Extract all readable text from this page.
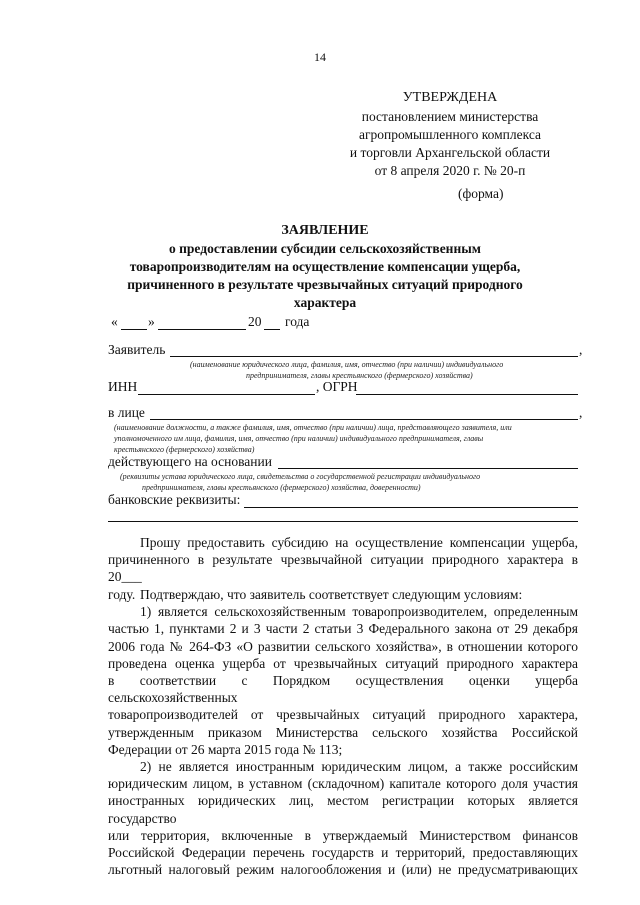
14
УТВЕРЖДЕНА
постановлением министерства
агропромышленного комплекса
и торговли Архангельской области
от 8 апреля 2020 г. № 20-п
(форма)
ЗАЯВЛЕНИЕ
о предоставлении субсидии сельскохозяйственным
товаропроизводителям на осуществление компенсации ущерба,
причиненного в результате чрезвычайных ситуаций природного
характера
« »	20 года
Заявитель	,
(наименование юридического лица, фамилия, имя, отчество (при наличии) индивидуального
предпринимателя, главы крестьянского (фермерского) хозяйства)
ИНН	, ОГРН
в лице	,
(наименование должности, а также фамилия, имя, отчество (при наличии) лица, представляющего заявителя, или
уполномоченного им лица, фамилия, имя, отчество (при наличии) индивидуального предпринимателя, главы
крестьянского (фермерского) хозяйства)
действующего на основании
(реквизиты устава юридического лица, свидетельства о государственной регистрации индивидуального
предпринимателя, главы крестьянского (фермерского) хозяйства, доверенности)
банковские реквизиты:

Прошу предоставить субсидию на осуществление компенсации ущерба,

причиненного в результате чрезвычайной ситуации природного характера в 20___

году. Подтверждаю, что заявитель соответствует следующим условиям:

1) является сельскохозяйственным товаропроизводителем, определенным

частью 1, пунктами 2 и 3 части 2 статьи 3 Федерального закона от 29 декабря

2006 года № 264-ФЗ «О развитии сельского хозяйства», в отношении которого

проведена оценка ущерба от чрезвычайных ситуаций природного характера

в соответствии с Порядком осуществления оценки ущерба сельскохозяйственных

товаропроизводителей от чрезвычайных ситуаций природного характера,

утвержденным приказом Министерства сельского хозяйства Российской

Федерации от 26 марта 2015 года № 113;

2) не является иностранным юридическим лицом, а также российским

юридическим лицом, в уставном (складочном) капитале которого доля участия

иностранных юридических лиц, местом регистрации которых является государство

или территория, включенные в утверждаемый Министерством финансов

Российской Федерации перечень государств и территорий, предоставляющих

льготный налоговый режим налогообложения и (или) не предусматривающих
